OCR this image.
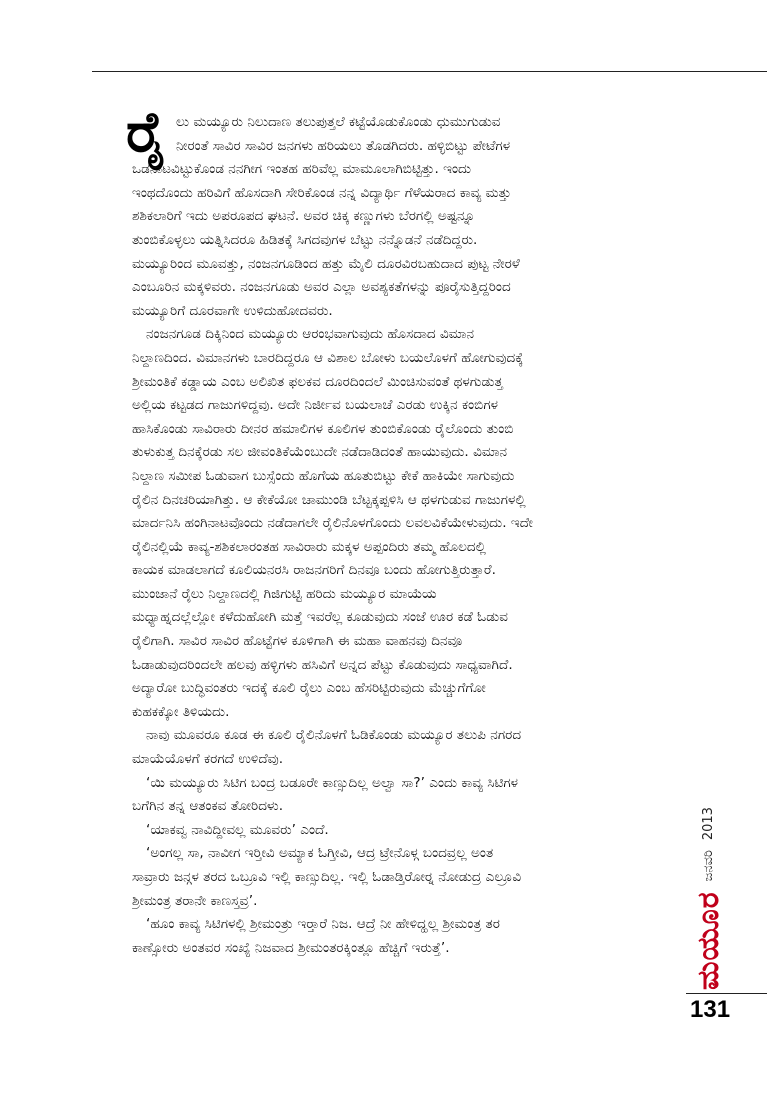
ರೈ ಲು ಮಯ್ಯೂರು ನಿಲುದಾಣ ತಲುಪುತ್ತಲೆ ಕಟ್ಟೆಯೊಡುಕೊಂಡು ಧುಮುಗುಡುವ
ನೀರಂತೆ ಸಾವಿರ ಸಾವಿರ ಜನಗಳು ಹರಿಯಲು ತೊಡಗಿದರು. ಹಳ್ಳಿಬಿಟ್ಟು ಪೇಟೆಗಳ
ಒಡನಾಟವಿಟ್ಟುಕೊಂಡ ನನಗೀಗ ಇಂತಹ ಹರಿವೆಲ್ಲ ಮಾಮೂಲಾಗಿಬಿಟ್ಟಿತ್ತು. ಇಂದು
ಇಂಥದೊಂದು ಹರಿವಿಗೆ ಹೊಸದಾಗಿ ಸೇರಿಕೊಂಡ ನನ್ನ ವಿದ್ಯಾರ್ಥಿ ಗೆಳೆಯರಾದ ಕಾವ್ಯ ಮತ್ತು
ಶಶಿಕಲಾರಿಗೆ ಇದು ಅಪರೂಪದ ಘಟನೆ. ಅವರ ಚಿಕ್ಕ ಕಣ್ಣುಗಳು ಬೆರಗಲ್ಲಿ ಅಷ್ಟನ್ನೂ
ತುಂಬಿಕೊಳ್ಳಲು ಯತ್ನಿಸಿದರೂ ಹಿಡಿತಕ್ಕೆ ಸಿಗದವುಗಳ ಬೆಟ್ಟು ನನ್ನೊಡನೆ ನಡೆದಿದ್ದರು.
ಮಯ್ಯೂರಿಂದ ಮೂವತ್ತು, ನಂಜನಗೂಡಿಂದ ಹತ್ತು ಮೈಲಿ ದೂರವಿರಬಹುದಾದ ಪುಟ್ಟ ನೇರಳೆ
ಎಂಬೂರಿನ ಮಕ್ಕಳಿವರು. ನಂಜನಗೂಡು ಅವರ ಎಲ್ಲಾ ಅವಶ್ಯಕತೆಗಳನ್ನು ಪೂರೈಸುತ್ತಿದ್ದರಿಂದ
ಮಯ್ಯೂರಿಗೆ ದೂರವಾಗೇ ಉಳಿದುಹೋದವರು.
ನಂಜನಗೂಡ ದಿಕ್ಕಿನಿಂದ ಮಯ್ಯೂರು ಆರಂಭವಾಗುವುದು ಹೊಸದಾದ ವಿಮಾನ
ನಿಲ್ದಾಣದಿಂದ. ವಿಮಾನಗಳು ಬಾರದಿದ್ದರೂ ಆ ವಿಶಾಲ ಬೋಳು ಬಯಲೊಳಗೆ ಹೋಗುವುದಕ್ಕೆ
ಶ್ರೀಮಂತಿಕೆ ಕಡ್ಡಾಯ ಎಂಬ ಅಲಿಖಿತ ಫಲಕವ ದೂರದಿಂದಲೆ ಮಿಂಚಿಸುವಂತೆ ಥಳಗುಡುತ್ತ
ಅಲ್ಲಿಯ ಕಟ್ಟಡದ ಗಾಜುಗಳಿದ್ದವು. ಅದೇ ನಿರ್ಜೀವ ಬಯಲಾಚೆ ಎರಡು ಉಕ್ಕಿನ ಕಂಬಿಗಳ
ಹಾಸಿಕೊಂಡು ಸಾವಿರಾರು ದೀನರ ಹಮಾಲಿಗಳ ಕೂಲಿಗಳ ತುಂಬಿಕೊಂಡು ರೈಲೊಂದು ತುಂಬಿ
ತುಳುಕುತ್ತ ದಿನಕ್ಕೆರಡು ಸಲ ಜೀವಂತಿಕೆಯೆಂಬುದೇ ನಡೆದಾಡಿದಂತೆ ಹಾಯುವುದು. ವಿಮಾನ
ನಿಲ್ದಾಣ ಸಮೀಪ ಓಡುವಾಗ ಬುಸ್ಸೆಂದು ಹೊಗೆಯ ಹೂತುಬಿಟ್ಟು ಕೇಕೆ ಹಾಕಿಯೇ ಸಾಗುವುದು
ರೈಲಿನ ದಿನಚರಿಯಾಗಿತ್ತು. ಆ ಕೇಕೆಯೋ ಚಾಮುಂಡಿ ಬೆಟ್ಟಕ್ಕಪ್ಪಳಿಸಿ ಆ ಥಳಗುಡುವ ಗಾಜುಗಳಲ್ಲಿ
ಮಾರ್ದನಿಸಿ ಹಂಗಿನಾಟವೊಂದು ನಡೆದಾಗಲೇ ರೈಲಿನೊಳಗೊಂದು ಲವಲವಿಕೆಯೇಳುವುದು. ಇದೇ
ರೈಲಿನಲ್ಲಿಯೆ ಕಾವ್ಯ-ಶಶಿಕಲಾರಂತಹ ಸಾವಿರಾರು ಮಕ್ಕಳ ಅಪ್ಪಂದಿರು ತಮ್ಮ ಹೊಲದಲ್ಲಿ
ಕಾಯಕ ಮಾಡಲಾಗದೆ ಕೂಲಿಯನರಸಿ ರಾಜನಗರಿಗೆ ದಿನವೂ ಬಂದು ಹೋಗುತ್ತಿರುತ್ತಾರೆ.
ಮುಂಜಾನೆ ರೈಲು ನಿಲ್ದಾಣದಲ್ಲಿ ಗಿಜಿಗುಟ್ಟಿ ಹರಿದು ಮಯ್ಯೂರ ಮಾಯೆಯ
ಮಧ್ಯಾಹ್ನದಲ್ಲೆಲ್ಲೋ ಕಳೆದುಹೋಗಿ ಮತ್ತೆ ಇವರೆಲ್ಲ ಕೂಡುವುದು ಸಂಜೆ ಊರ ಕಡೆ ಓಡುವ
ರೈಲಿಗಾಗಿ. ಸಾವಿರ ಸಾವಿರ ಹೊಟ್ಟೆಗಳ ಕೂಳಿಗಾಗಿ ಈ ಮಹಾ ವಾಹನವು ದಿನವೂ
ಓಡಾಡುವುದರಿಂದಲೇ ಹಲವು ಹಳ್ಳಿಗಳು ಹಸಿವಿಗೆ ಅನ್ನದ ಪೆಟ್ಟು ಕೊಡುವುದು ಸಾಧ್ಯವಾಗಿದೆ.
ಅದ್ಯಾರೋ ಬುದ್ಧಿವಂತರು ಇದಕ್ಕೆ ಕೂಲಿ ರೈಲು ಎಂಬ ಹೆಸರಿಟ್ಟಿರುವುದು ಮೆಚ್ಚುಗೆಗೋ
ಕುಹಕಕ್ಕೋ ತಿಳಿಯದು.
ನಾವು ಮೂವರೂ ಕೂಡ ಈ ಕೂಲಿ ರೈಲಿನೊಳಗೆ ಓಡಿಕೊಂಡು ಮಯ್ಯೂರ ತಲುಪಿ ನಗರದ
ಮಾಯೆಯೊಳಗೆ ಕರಗದೆ ಉಳಿದೆವು.
‘ಯಿ ಮಯ್ಯೂರು ಸಿಟಿಗ ಬಂದ್ರ ಬಡೂರೇ ಕಾಣ್ಸುದಿಲ್ಲ ಅಲ್ವಾ ಸಾ?’ ಎಂದು ಕಾವ್ಯ ಸಿಟಿಗಳ
ಬಗೆಗಿನ ತನ್ನ ಆತಂಕವ ತೋರಿದಳು.
‘ಯಾಕವ್ವ ನಾವಿದ್ದೀವಲ್ಲ ಮೂವರು’ ಎಂದೆ.
‘ಅಂಗಲ್ಲ ಸಾ, ನಾವೀಗ ಇರ್‍ತೀವಿ ಅಮ್ಯಾಕ ಓಗ್ತೀವಿ, ಆದ್ರ ಟ್ರೇನೊಳ್ಗ ಬಂದವ್ರಲ್ಲ ಅಂತ
ಸಾವ್ರಾರು ಜನ್ಗಳ ತರದ ಒಬ್ರೂವಿ ಇಲ್ಲಿ ಕಾಣ್ಸುದಿಲ್ಲ. ಇಲ್ಲಿ ಓಡಾಡ್ತಿರೋರ್‍ನ ನೋಡುದ್ರ ಎಲ್ರೂವಿ
ಶ್ರೀಮಂತ್ರ ತರಾನೇ ಕಾಣಸ್ತವ್ರ’.
‘ಹೂಂ ಕಾವ್ಯ ಸಿಟಿಗಳಲ್ಲಿ ಶ್ರೀಮಂತ್ರು ಇರ್‍ತಾರೆ ನಿಜ. ಆದ್ರೆ ನೀ ಹೇಳಿದ್ಹಲ್ಲ ಶ್ರೀಮಂತ್ರ ತರ
ಕಾಣ್ಸೋರು ಅಂತವರ ಸಂಖ್ಯೆ ನಿಜವಾದ ಶ್ರೀಮಂತರಕ್ಕಿಂತ್ಲೂ ಹೆಚ್ಚಿಗೆ ಇರುತ್ತೆ’.	ಮಯೂರ
ಜನವರಿ
2013
131
